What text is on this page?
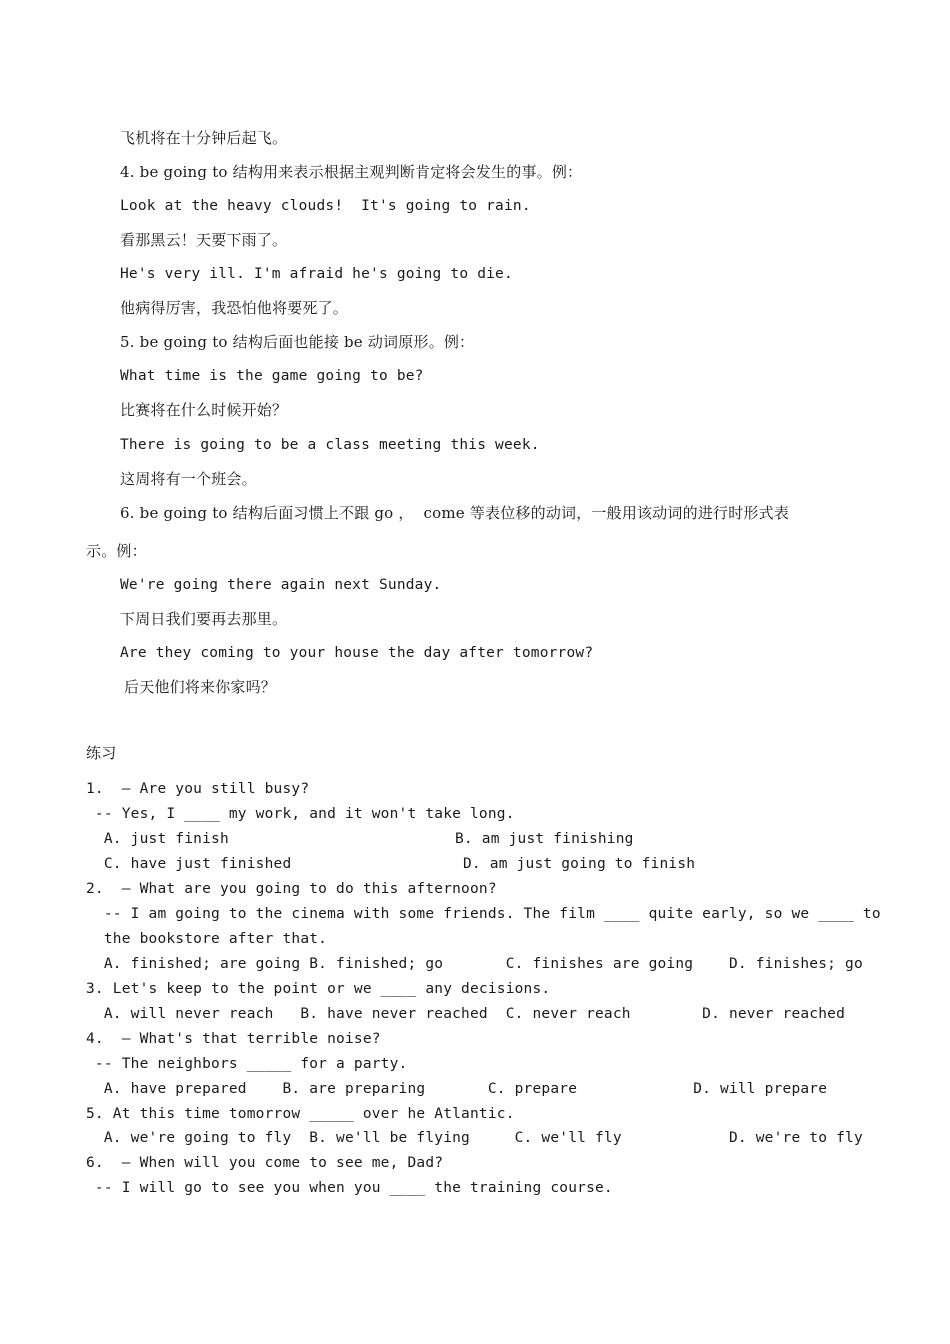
飞机将在十分钟后起飞。
4. be going to 结构用来表示根据主观判断肯定将会发生的事。例：
Look at the heavy clouds!  It's going to rain.
看那黑云！天要下雨了。
He's very ill. I'm afraid he's going to die.
他病得厉害，我恐怕他将要死了。
5. be going to 结构后面也能接 be 动词原形。例：
What time is the game going to be?
比赛将在什么时候开始？
There is going to be a class meeting this week.
这周将有一个班会。
6. be going to 结构后面习惯上不跟 go ，  come 等表位移的动词，一般用该动词的进行时形式表
示。例：
We're going there again next Sunday.
下周日我们要再去那里。
Are they coming to your house the day after tomorrow?
后天他们将来你家吗？
练习
1.  – Are you still busy?
-- Yes, I ____ my work, and it won't take long.
A. just finish	B. am just finishing
C. have just finished	D. am just going to finish
2.  – What are you going to do this afternoon?
-- I am going to the cinema with some friends. The film ____ quite early, so we ____ to
the bookstore after that.
A. finished; are going B. finished; go       C. finishes are going    D. finishes; go
3. Let's keep to the point or we ____ any decisions.
A. will never reach   B. have never reached  C. never reach        D. never reached
4.  – What's that terrible noise?
-- The neighbors _____ for a party.
A. have prepared    B. are preparing       C. prepare             D. will prepare
5. At this time tomorrow _____ over he Atlantic.
A. we're going to fly  B. we'll be flying     C. we'll fly            D. we're to fly
6.  – When will you come to see me, Dad?
-- I will go to see you when you ____ the training course.
